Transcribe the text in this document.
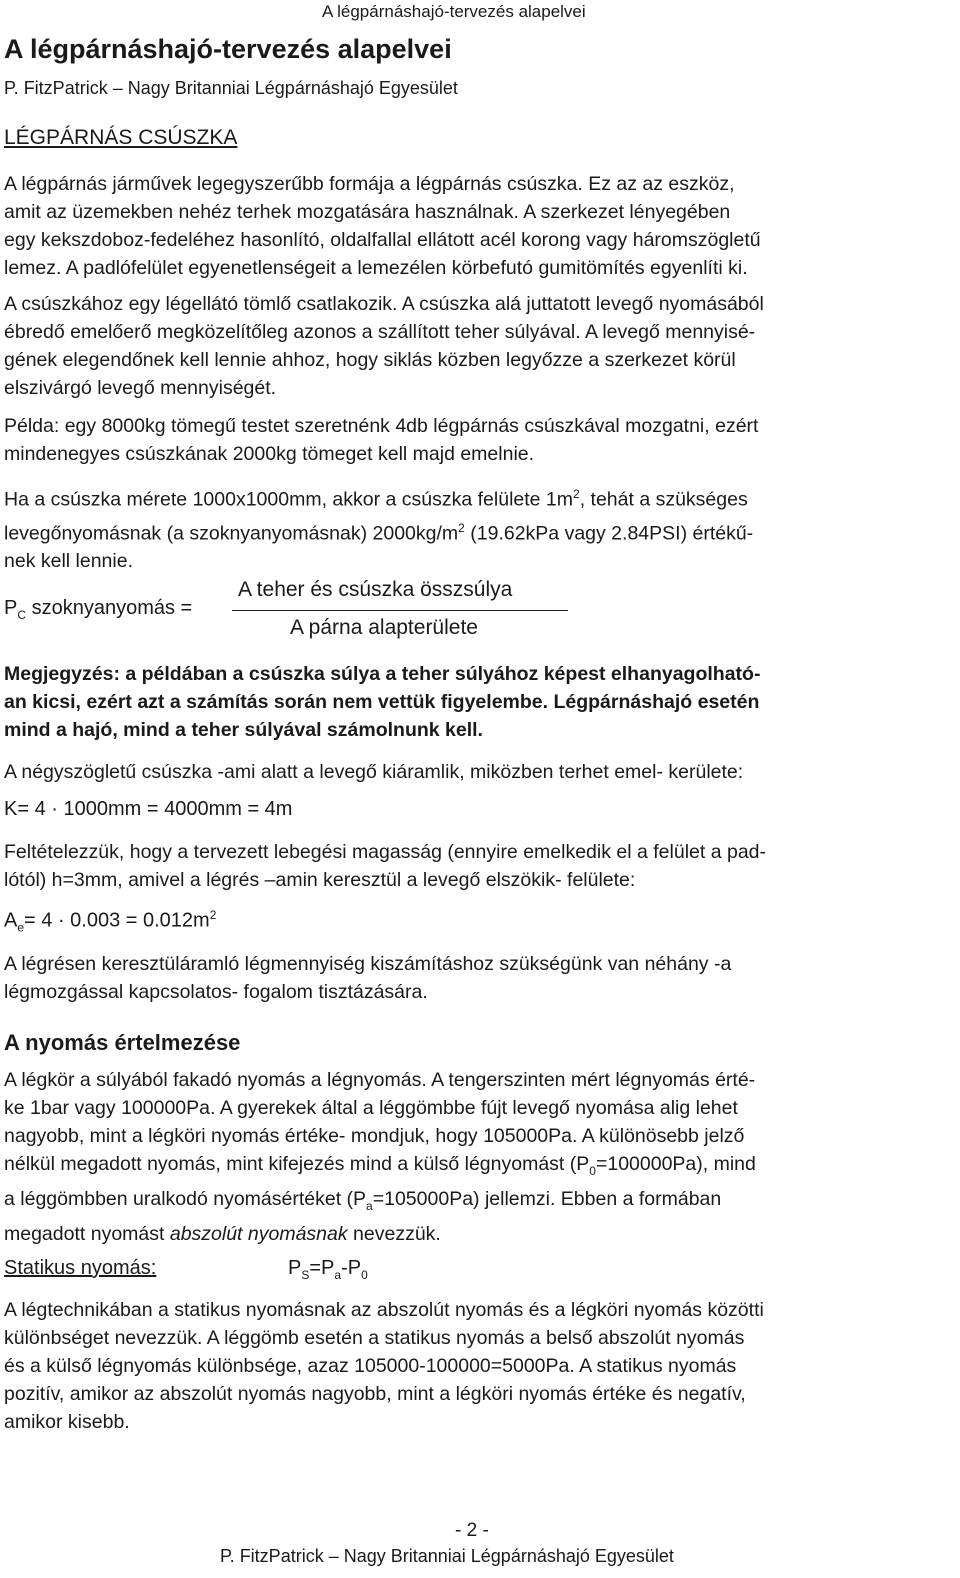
A légpárnáshajó-tervezés alapelvei
A légpárnáshajó-tervezés alapelvei
P. FitzPatrick – Nagy Britanniai Légpárnáshajó Egyesület
LÉGPÁRNÁS CSÚSZKA
A légpárnás járművek legegyszerűbb formája a légpárnás csúszka. Ez az az eszköz,
amit az üzemekben nehéz terhek mozgatására használnak. A szerkezet lényegében
egy kekszdoboz-fedeléhez hasonlító, oldalfallal ellátott acél korong vagy háromszögletű
lemez. A padlófelület egyenetlenségeit a lemezélen körbefutó gumitömítés egyenlíti ki.
A csúszkához egy légellátó tömlő csatlakozik. A csúszka alá juttatott levegő nyomásából
ébredő emelőerő megközelítőleg azonos a szállított teher súlyával. A levegő mennyisé-
gének elegendőnek kell lennie ahhoz, hogy siklás közben legyőzze a szerkezet körül
elszivárgó levegő mennyiségét.
Példa: egy 8000kg tömegű testet szeretnénk 4db légpárnás csúszkával mozgatni, ezért
mindenegyes csúszkának 2000kg tömeget kell majd emelnie.
Ha a csúszka mérete 1000x1000mm, akkor a csúszka felülete $1m^2$, tehát a szükséges
levegőnyomásnak (a szoknyanyomásnak) $2000kg/m^2$ (19.62kPa vagy 2.84PSI) értékű-
nek kell lennie.
$P_C$ szoknyanyomás =
A teher és csúszka összsúlya
A párna alapterülete
Megjegyzés: a példában a csúszka súlya a teher súlyához képest elhanyagolható-
an kicsi, ezért azt a számítás során nem vettük figyelembe. Légpárnáshajó esetén
mind a hajó, mind a teher súlyával számolnunk kell.
A négyszögletű csúszka -ami alatt a levegő kiáramlik, miközben terhet emel- kerülete:
K= 4 · 1000mm = 4000mm = 4m
Feltételezzük, hogy a tervezett lebegési magasság (ennyire emelkedik el a felület a pad-
lótól) h=3mm, amivel a légrés –amin keresztül a levegő elszökik- felülete:
$A_e= 4 \cdot 0.003 = 0.012m^2$
A légrésen keresztüláramló légmennyiség kiszámításhoz szükségünk van néhány -a
légmozgással kapcsolatos- fogalom tisztázására.
A nyomás értelmezése
A légkör a súlyából fakadó nyomás a légnyomás. A tengerszinten mért légnyomás érté-
ke 1bar vagy 100000Pa. A gyerekek által a léggömbbe fújt levegő nyomása alig lehet
nagyobb, mint a légköri nyomás értéke- mondjuk, hogy 105000Pa. A különösebb jelző
nélkül megadott nyomás, mint kifejezés mind a külső légnyomást $(P_0=100000Pa)$, mind
a léggömbben uralkodó nyomásértéket $(P_a=105000Pa)$ jellemzi. Ebben a formában
megadott nyomást abszolút nyomásnak nevezzük.
Statikus nyomás:	$P_S=P_a-P_0$
A légtechnikában a statikus nyomásnak az abszolút nyomás és a légköri nyomás közötti
különbséget nevezzük. A léggömb esetén a statikus nyomás a belső abszolút nyomás
és a külső légnyomás különbsége, azaz 105000-100000=5000Pa. A statikus nyomás
pozitív, amikor az abszolút nyomás nagyobb, mint a légköri nyomás értéke és negatív,
amikor kisebb.
- 2 -
P. FitzPatrick – Nagy Britanniai Légpárnáshajó Egyesület
